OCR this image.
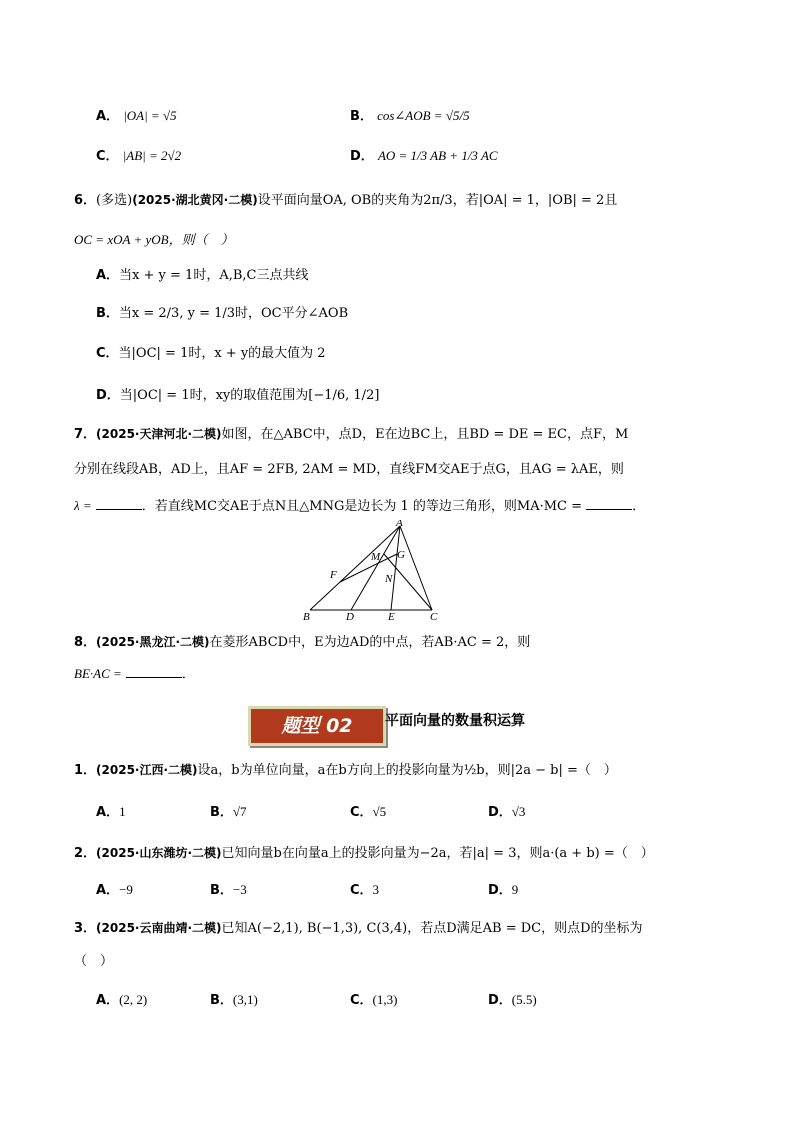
A． |OA| = √5	B． cos∠AOB = √5/5
C． |AB| = 2√2	D． AO = 1/3 AB + 1/3 AC
6．(多选)(2025·湖北黄冈·二模)设平面向量OA, OB的夹角为2π/3，若|OA| = 1，|OB| = 2且
OC = xOA + yOB，则（　）
A．当x + y = 1时，A,B,C三点共线
B．当x = 2/3, y = 1/3时，OC平分∠AOB
C．当|OC| = 1时，x + y的最大值为 2
D．当|OC| = 1时，xy的取值范围为[−1/6, 1/2]
7．(2025·天津河北·二模)如图，在△ABC中，点D，E在边BC上，且BD = DE = EC，点F，M
分别在线段AB，AD上，且AF = 2FB, 2AM = MD，直线FM交AE于点G，且AG = λAE，则
λ =	．若直线MC交AE于点N且△MNG是边长为 1 的等边三角形，则MA·MC =	．
A
B	C
D	E
F
M G
N
8．(2025·黑龙江·二模)在菱形ABCD中，E为边AD的中点，若AB·AC = 2，则
BE·AC =	．
题型 02	平面向量的数量积运算
1．(2025·江西·二模)设a，b为单位向量，a在b方向上的投影向量为½b，则|2a − b| =（　）
A．1	B．√7	C．√5	D．√3
2．(2025·山东潍坊·二模)已知向量b在向量a上的投影向量为−2a，若|a| = 3，则a·(a + b) =（　）
A．−9	B．−3	C．3	D．9
3．(2025·云南曲靖·二模)已知A(−2,1), B(−1,3), C(3,4)，若点D满足AB = DC，则点D的坐标为
（　）
A．(2, 2)	B．(3,1)	C．(1,3)	D．(5.5)
